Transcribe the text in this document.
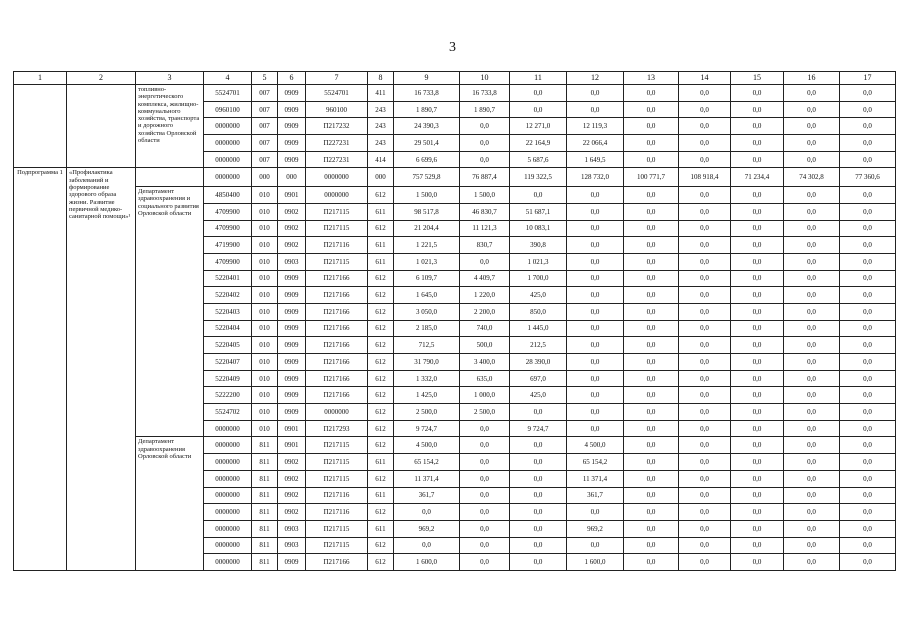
3
1	2	3	4	5	6	7	8	9	10	11	12	13	14	15	16	17
		топливно-энергетического комплекса, жилищно-коммунального хозяйства, транспорта и дорожного хозяйства Орловской области	5524701	007	0909	5524701	411	16 733,8	16 733,8	0,0	0,0	0,0	0,0	0,0	0,0	0,0
			0960100	007	0909	960100	243	1 890,7	1 890,7	0,0	0,0	0,0	0,0	0,0	0,0	0,0
			0000000	007	0909	П217232	243	24 390,3	0,0	12 271,0	12 119,3	0,0	0,0	0,0	0,0	0,0
			0000000	007	0909	П227231	243	29 501,4	0,0	22 164,9	22 066,4	0,0	0,0	0,0	0,0	0,0
			0000000	007	0909	П227231	414	6 699,6	0,0	5 687,6	1 649,5	0,0	0,0	0,0	0,0	0,0
Подпрограмма 1	«Профилактика заболеваний и формирование здорового образа жизни. Развитие первичной медико-санитарной помощи»¹		0000000	000	000	0000000	000	757 529,8	76 887,4	119 322,5	128 732,0	100 771,7	108 918,4	71 234,4	74 302,8	77 360,6
		Департамент здравоохранения и социального развития Орловской области	4850400	010	0901	0000000	612	1 500,0	1 500,0	0,0	0,0	0,0	0,0	0,0	0,0	0,0
			4709900	010	0902	П217115	611	98 517,8	46 830,7	51 687,1	0,0	0,0	0,0	0,0	0,0	0,0
			4709900	010	0902	П217115	612	21 204,4	11 121,3	10 083,1	0,0	0,0	0,0	0,0	0,0	0,0
			4719900	010	0902	П217116	611	1 221,5	830,7	390,8	0,0	0,0	0,0	0,0	0,0	0,0
			4709900	010	0903	П217115	611	1 021,3	0,0	1 021,3	0,0	0,0	0,0	0,0	0,0	0,0
			5220401	010	0909	П217166	612	6 109,7	4 409,7	1 700,0	0,0	0,0	0,0	0,0	0,0	0,0
			5220402	010	0909	П217166	612	1 645,0	1 220,0	425,0	0,0	0,0	0,0	0,0	0,0	0,0
			5220403	010	0909	П217166	612	3 050,0	2 200,0	850,0	0,0	0,0	0,0	0,0	0,0	0,0
			5220404	010	0909	П217166	612	2 185,0	740,0	1 445,0	0,0	0,0	0,0	0,0	0,0	0,0
			5220405	010	0909	П217166	612	712,5	500,0	212,5	0,0	0,0	0,0	0,0	0,0	0,0
			5220407	010	0909	П217166	612	31 790,0	3 400,0	28 390,0	0,0	0,0	0,0	0,0	0,0	0,0
			5220409	010	0909	П217166	612	1 332,0	635,0	697,0	0,0	0,0	0,0	0,0	0,0	0,0
			5222200	010	0909	П217166	612	1 425,0	1 000,0	425,0	0,0	0,0	0,0	0,0	0,0	0,0
			5524702	010	0909	0000000	612	2 500,0	2 500,0	0,0	0,0	0,0	0,0	0,0	0,0	0,0
			0000000	010	0901	П217293	612	9 724,7	0,0	9 724,7	0,0	0,0	0,0	0,0	0,0	0,0
		Департамент здравоохранения Орловской области	0000000	811	0901	П217115	612	4 500,0	0,0	0,0	4 500,0	0,0	0,0	0,0	0,0	0,0
			0000000	811	0902	П217115	611	65 154,2	0,0	0,0	65 154,2	0,0	0,0	0,0	0,0	0,0
			0000000	811	0902	П217115	612	11 371,4	0,0	0,0	11 371,4	0,0	0,0	0,0	0,0	0,0
			0000000	811	0902	П217116	611	361,7	0,0	0,0	361,7	0,0	0,0	0,0	0,0	0,0
			0000000	811	0902	П217116	612	0,0	0,0	0,0	0,0	0,0	0,0	0,0	0,0	0,0
			0000000	811	0903	П217115	611	969,2	0,0	0,0	969,2	0,0	0,0	0,0	0,0	0,0
			0000000	811	0903	П217115	612	0,0	0,0	0,0	0,0	0,0	0,0	0,0	0,0	0,0
			0000000	811	0909	П217166	612	1 600,0	0,0	0,0	1 600,0	0,0	0,0	0,0	0,0	0,0
